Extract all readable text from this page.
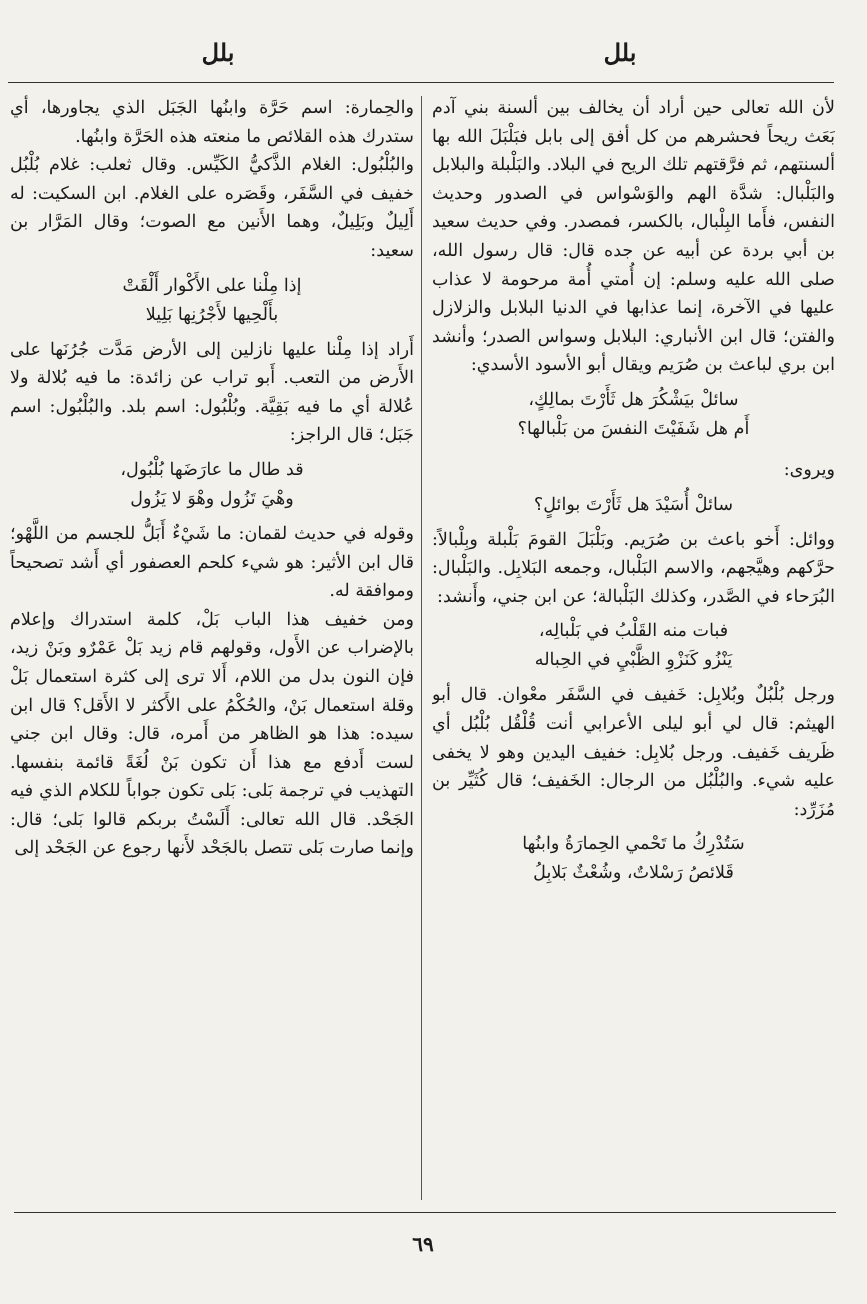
بلل
بلل

لأن الله تعالى حين أراد أن يخالف بين ألسنة بني آدم بَعَث ريحاً فحشرهم من كل أفق إلى بابل فبَلْبَلَ الله بها ألسنتهم، ثم فرَّقتهم تلك الريح في البلاد. والبَلْبلة والبلابل والبَلْبال: شدَّة الهم والوَسْواس في الصدور وحديث النفس، فأَما البِلْبال، بالكسر، فمصدر. وفي حديث سعيد بن أبي بردة عن أبيه عن جده قال: قال رسول الله، صلى الله عليه وسلم: إن أُمتي أُمة مرحومة لا عذاب عليها في الآخرة، إنما عذابها في الدنيا البلابل والزلازل والفتن؛ قال ابن الأنباري: البلابل وسواس الصدر؛ وأنشد ابن بري لباعث بن صُرَيم ويقال أبو الأسود الأسدي:

سائلْ بيَشْكُرَ هل ثَأَرْتَ بمالِكٍ،
أَم هل شَفَيْتَ النفسَ من بَلْبالها؟

ويروى:

سائلْ أُسَيْدَ هل ثَأَرْتَ بوائلٍ؟

ووائل: أَخو باعث بن صُرَيم. وبَلْبَلَ القومَ بَلْبلة وبِلْبالاً: حرَّكهم وهيَّجهم، والاسم البَلْبال، وجمعه البَلابِل. والبَلْبال: البُرَحاء في الصَّدر، وكذلك البَلْبالة؛ عن ابن جني، وأَنشد:

فبات منه القَلْبُ في بَلْبالِه،
يَنْزُو كَنَزْوِ الظَّبْيِ في الحِباله

ورجل بُلْبُلٌ وبُلابِل: خَفيف في السَّفَر معْوان. قال أبو الهيثم: قال لي أبو ليلى الأعرابي أنت قُلْقُل بُلْبُل أي ظَريف خَفيف. ورجل بُلابِل: خفيف اليدين وهو لا يخفى عليه شيء. والبُلْبُل من الرجال: الخَفيف؛ قال كُثَيِّر بن مُزَرِّد:

سَتُدْرِكُ ما تَحْمي الحِمارَةُ وابنُها
قَلائصُ رَسْلاتٌ، وشُعْثٌ بَلابِلُ

والحِمارة: اسم حَرَّة وابنُها الجَبَل الذي يجاورها، أي ستدرك هذه القلائص ما منعته هذه الحَرَّة وابنُها.

والبُلْبُول: الغلام الذَّكيُّ الكَيِّس. وقال ثعلب: غلام بُلْبُل خفيف في السَّفَر، وقَصَره على الغلام. ابن السكيت: له أَلِيلٌ وبَلِيلٌ، وهما الأَنين مع الصوت؛ وقال المَرَّار بن سعيد:

إذا مِلْنا على الأَكْوار أَلْقَتْ
بأَلْحِيها لأَجْرُنِها بَلِيلا

أَراد إذا مِلْنا عليها نازلين إلى الأرض مَدَّت جُرُنَها على الأَرض من التعب. أَبو تراب عن زائدة: ما فيه بُلالة ولا عُلالة أي ما فيه بَقِيَّة. وبُلْبُول: اسم بلد. والبُلْبُول: اسم جَبَل؛ قال الراجز:

قد طال ما عارَضَها بُلْبُول،
وهْيَ تَزُول وهْوَ لا يَزُول

وقوله في حديث لقمان: ما شَيْءٌ أَبَلُّ للجسم من اللَّهْو؛ قال ابن الأثير: هو شيء كلحم العصفور أي أَشد تصحيحاً وموافقة له.

ومن خفيف هذا الباب بَلْ، كلمة استدراك وإعلام بالإضراب عن الأَول، وقولهم قام زيد بَلْ عَمْرٌو وبَنْ زيد، فإن النون بدل من اللام، أَلا ترى إلى كثرة استعمال بَلْ وقلة استعمال بَنْ، والحُكْمُ على الأَكثر لا الأَقل؟ قال ابن سيده: هذا هو الظاهر من أَمره، قال: وقال ابن جني لست أَدفع مع هذا أَن تكون بَنْ لُغَةً قائمة بنفسها. التهذيب في ترجمة بَلى: بَلى تكون جواباً للكلام الذي فيه الجَحْد. قال الله تعالى: أَلَسْتُ بربكم قالوا بَلى؛ قال: وإنما صارت بَلى تتصل بالجَحْد لأَنها رجوع عن الجَحْد إلى

٦٩
